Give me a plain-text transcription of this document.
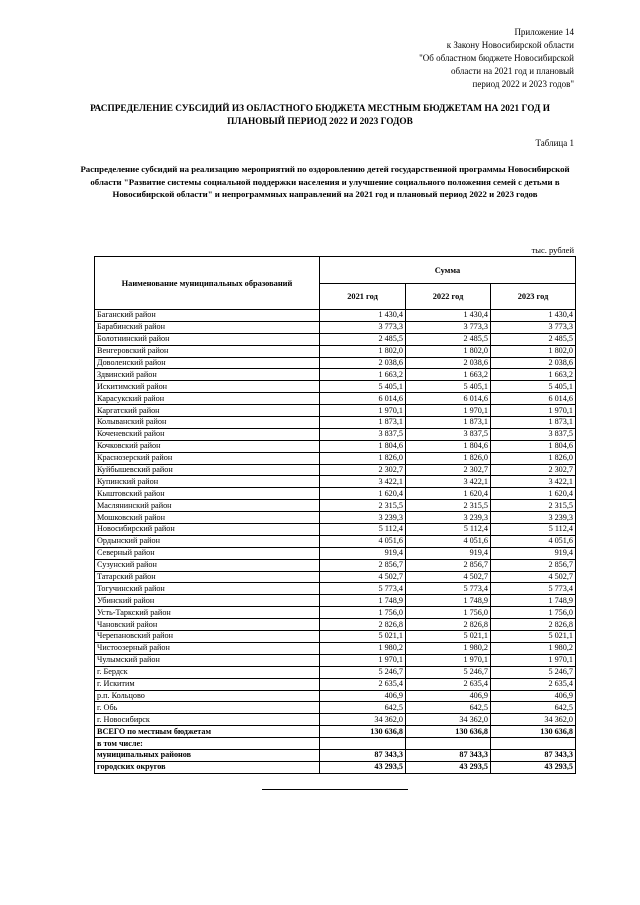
Приложение 14
к Закону Новосибирской области
"Об областном бюджете Новосибирской
области на 2021 год и плановый
период 2022 и 2023 годов"
РАСПРЕДЕЛЕНИЕ СУБСИДИЙ ИЗ ОБЛАСТНОГО БЮДЖЕТА МЕСТНЫМ БЮДЖЕТАМ НА 2021 ГОД И ПЛАНОВЫЙ ПЕРИОД 2022 И 2023 ГОДОВ
Таблица 1
Распределение субсидий на реализацию мероприятий по оздоровлению детей государственной программы Новосибирской области "Развитие системы социальной поддержки населения и улучшение социального положения семей с детьми в Новосибирской области" и непрограммных направлений на 2021 год и плановый период 2022 и 2023 годов
тыс. рублей
Наименование муниципальных образований	Сумма		
	2021 год	2022 год	2023 год
Баганский район	1 430,4	1 430,4	1 430,4
Барабинский район	3 773,3	3 773,3	3 773,3
Болотнинский район	2 485,5	2 485,5	2 485,5
Венгеровский район	1 802,0	1 802,0	1 802,0
Доволенский район	2 038,6	2 038,6	2 038,6
Здвинский район	1 663,2	1 663,2	1 663,2
Искитимский район	5 405,1	5 405,1	5 405,1
Карасукский район	6 014,6	6 014,6	6 014,6
Каргатский район	1 970,1	1 970,1	1 970,1
Колыванский район	1 873,1	1 873,1	1 873,1
Коченевский район	3 837,5	3 837,5	3 837,5
Кочковский район	1 804,6	1 804,6	1 804,6
Краснозерский район	1 826,0	1 826,0	1 826,0
Куйбышевский район	2 302,7	2 302,7	2 302,7
Купинский район	3 422,1	3 422,1	3 422,1
Кыштовский район	1 620,4	1 620,4	1 620,4
Маслянинский район	2 315,5	2 315,5	2 315,5
Мошковский район	3 239,3	3 239,3	3 239,3
Новосибирский район	5 112,4	5 112,4	5 112,4
Ордынский район	4 051,6	4 051,6	4 051,6
Северный район	919,4	919,4	919,4
Сузунский район	2 856,7	2 856,7	2 856,7
Татарский район	4 502,7	4 502,7	4 502,7
Тогучинский район	5 773,4	5 773,4	5 773,4
Убинский район	1 748,9	1 748,9	1 748,9
Усть-Таркский район	1 756,0	1 756,0	1 756,0
Чановский район	2 826,8	2 826,8	2 826,8
Черепановский район	5 021,1	5 021,1	5 021,1
Чистоозерный район	1 980,2	1 980,2	1 980,2
Чулымский район	1 970,1	1 970,1	1 970,1
г. Бердск	5 246,7	5 246,7	5 246,7
г. Искитим	2 635,4	2 635,4	2 635,4
р.п. Кольцово	406,9	406,9	406,9
г. Обь	642,5	642,5	642,5
г. Новосибирск	34 362,0	34 362,0	34 362,0
ВСЕГО по местным бюджетам	130 636,8	130 636,8	130 636,8
в том числе:			
муниципальных районов	87 343,3	87 343,3	87 343,3
городских округов	43 293,5	43 293,5	43 293,5
